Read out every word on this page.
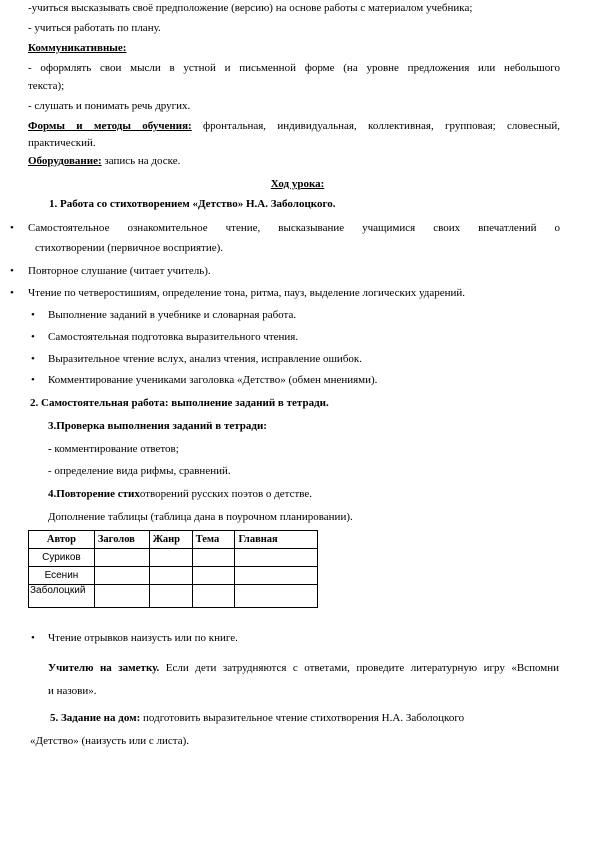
-учиться высказывать своё предположение (версию) на основе работы с материалом учебника;
- учиться работать по плану.
Коммуникативные:
- оформлять свои мысли в устной и письменной форме (на уровне предложения или небольшого
текста);
- слушать и понимать речь других.
Формы и методы обучения: фронтальная, индивидуальная, коллективная, групповая; словесный,
практический.
Оборудование: запись на доске.
Ход урока:
1. Работа со стихотворением «Детство» Н.А. Заболоцкого.
• Самостоятельное ознакомительное чтение, высказывание учащимися своих впечатлений о
стихотворении (первичное восприятие).
• Повторное слушание (читает учитель).
• Чтение по четверостишиям, определение тона, ритма, пауз, выделение логических ударений.
• Выполнение заданий в учебнике и словарная работа.
• Самостоятельная подготовка выразительного чтения.
• Выразительное чтение вслух, анализ чтения, исправление ошибок.
• Комментирование учениками заголовка «Детство» (обмен мнениями).
2. Самостоятельная работа: выполнение заданий в тетради.
3.Проверка выполнения заданий в тетради:
- комментирование ответов;
- определение вида рифмы, сравнений.
4.Повторение стихотворений русских поэтов о детстве.
Дополнение таблицы (таблица дана в поурочном планировании).
Автор	Заголов	Жанр	Тема	Главная
Суриков				
Есенин				
Заболоцкий				
• Чтение отрывков наизусть или по книге.
Учителю на заметку. Если дети затрудняются с ответами, проведите литературную игру «Вспомни
и назови».
5. Задание на дом: подготовить выразительное чтение стихотворения Н.А. Заболоцкого
«Детство» (наизусть или с листа).
